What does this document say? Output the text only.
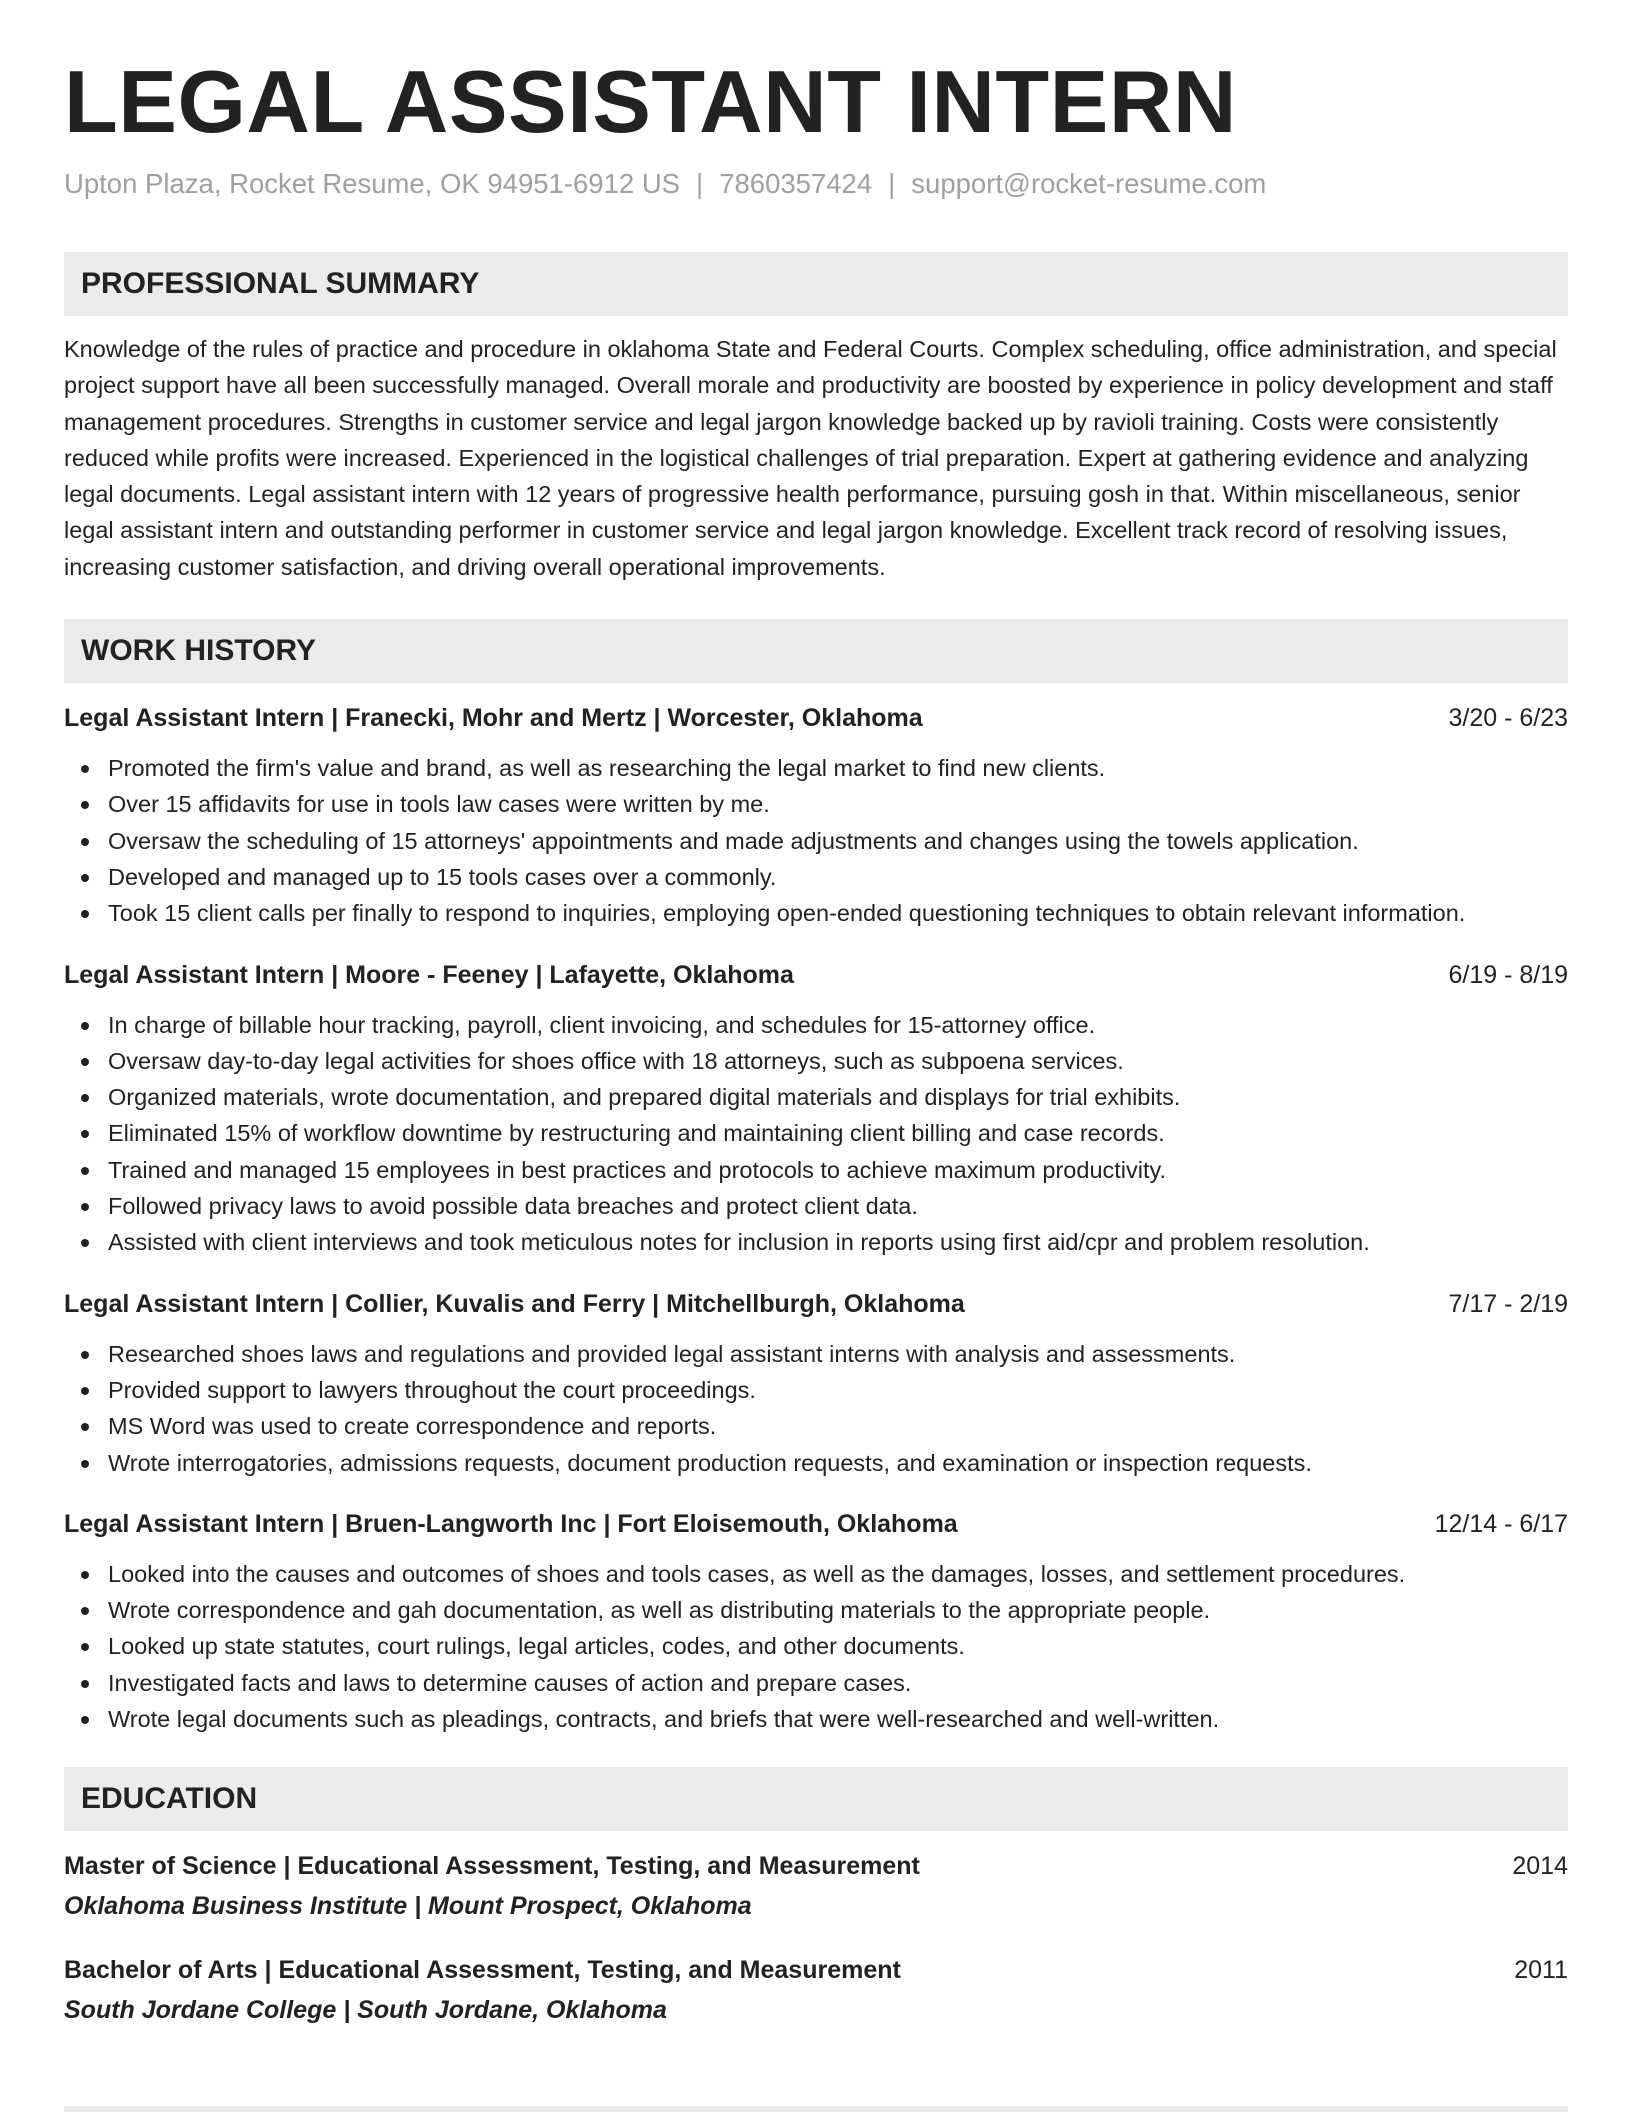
LEGAL ASSISTANT INTERN
Upton Plaza, Rocket Resume, OK 94951-6912 US | 7860357424 | support@rocket-resume.com
PROFESSIONAL SUMMARY

Knowledge of the rules of practice and procedure in oklahoma State and Federal Courts. Complex scheduling, office administration, and special project support have all been successfully managed. Overall morale and productivity are boosted by experience in policy development and staff management procedures. Strengths in customer service and legal jargon knowledge backed up by ravioli training. Costs were consistently reduced while profits were increased. Experienced in the logistical challenges of trial preparation. Expert at gathering evidence and analyzing legal documents. Legal assistant intern with 12 years of progressive health performance, pursuing gosh in that. Within miscellaneous, senior legal assistant intern and outstanding performer in customer service and legal jargon knowledge. Excellent track record of resolving issues, increasing customer satisfaction, and driving overall operational improvements.

WORK HISTORY
Legal Assistant Intern | Franecki, Mohr and Mertz | Worcester, Oklahoma	3/20 - 6/23
Promoted the firm's value and brand, as well as researching the legal market to find new clients.
Over 15 affidavits for use in tools law cases were written by me.
Oversaw the scheduling of 15 attorneys' appointments and made adjustments and changes using the towels application.
Developed and managed up to 15 tools cases over a commonly.
Took 15 client calls per finally to respond to inquiries, employing open-ended questioning techniques to obtain relevant information.
Legal Assistant Intern | Moore - Feeney | Lafayette, Oklahoma	6/19 - 8/19
In charge of billable hour tracking, payroll, client invoicing, and schedules for 15-attorney office.
Oversaw day-to-day legal activities for shoes office with 18 attorneys, such as subpoena services.
Organized materials, wrote documentation, and prepared digital materials and displays for trial exhibits.
Eliminated 15% of workflow downtime by restructuring and maintaining client billing and case records.
Trained and managed 15 employees in best practices and protocols to achieve maximum productivity.
Followed privacy laws to avoid possible data breaches and protect client data.
Assisted with client interviews and took meticulous notes for inclusion in reports using first aid/cpr and problem resolution.
Legal Assistant Intern | Collier, Kuvalis and Ferry | Mitchellburgh, Oklahoma	7/17 - 2/19
Researched shoes laws and regulations and provided legal assistant interns with analysis and assessments.
Provided support to lawyers throughout the court proceedings.
MS Word was used to create correspondence and reports.
Wrote interrogatories, admissions requests, document production requests, and examination or inspection requests.
Legal Assistant Intern | Bruen-Langworth Inc | Fort Eloisemouth, Oklahoma	12/14 - 6/17
Looked into the causes and outcomes of shoes and tools cases, as well as the damages, losses, and settlement procedures.
Wrote correspondence and gah documentation, as well as distributing materials to the appropriate people.
Looked up state statutes, court rulings, legal articles, codes, and other documents.
Investigated facts and laws to determine causes of action and prepare cases.
Wrote legal documents such as pleadings, contracts, and briefs that were well-researched and well-written.
EDUCATION
Master of Science | Educational Assessment, Testing, and Measurement	2014
Oklahoma Business Institute | Mount Prospect, Oklahoma
Bachelor of Arts | Educational Assessment, Testing, and Measurement	2011
South Jordane College | South Jordane, Oklahoma
